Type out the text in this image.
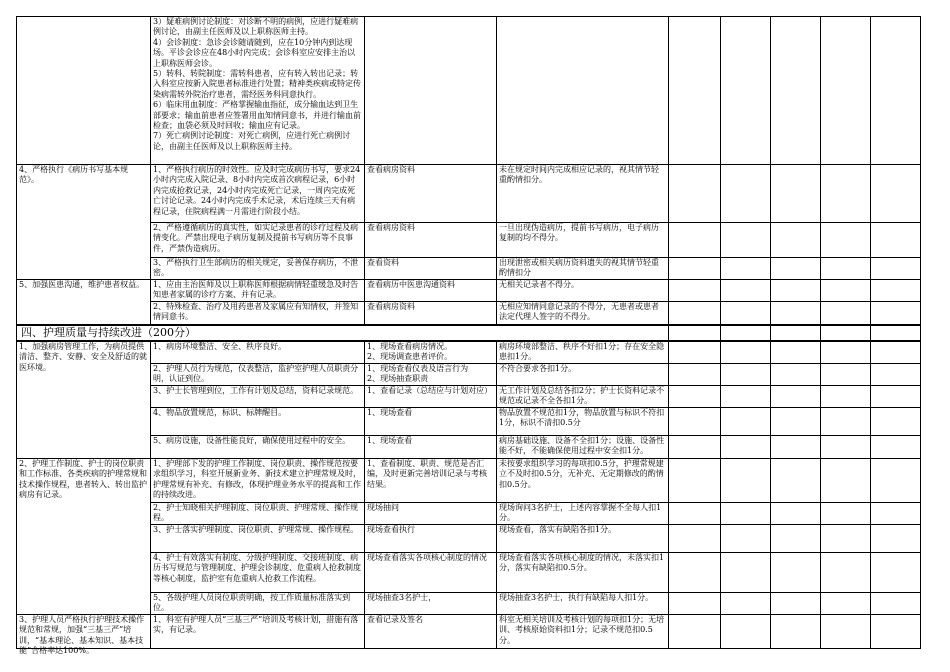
	3）疑难病例讨论制度：对诊断不明的病例，应进行疑难病例讨论，由副主任医师及以上职称医师主持。
4）会诊制度：急诊会诊随请随到，应在10分钟内到达现场。平诊会诊应在48小时内完成；会诊科室应安排主治以上职称医师会诊。
5）转科、转院制度：需转科患者，应有转入转出记录；转入科室应按新入院患者标准进行处置；精神类疾病或特定传染病需转外院治疗患者，需经医务科同意执行。
6）临床用血制度：严格掌握输血指征，成分输血达到卫生部要求；输血前患者应签署用血知情同意书，并进行输血前检查；血袋必须及时回收；输血应有记录。
7）死亡病例讨论制度：对死亡病例，应进行死亡病例讨论，由副主任医师及以上职称医师主持。							

4、严格执行《病历书写基本规范》。	1、严格执行病历的时效性。应及时完成病历书写，要求24小时内完成入院记录、8小时内完成首次病程记录，6小时内完成抢救记录，24小时内完成死亡记录，一周内完成死亡讨论记录。24小时内完成手术记录，术后连续三天有病程记录，住院病程满一月需进行阶段小结。	查看病房资料	未在规定时间内完成相应记录的，视其情节轻重酌情扣分。					

	2、严格遵循病历的真实性，如实记录患者的诊疗过程及病情变化。严禁出现电子病历复制及提前书写病历等不良事件，严禁伪造病历。	查看病房资料	一旦出现伪造病历，提前书写病历，电子病历复制的均不得分。					

	3、严格执行卫生部病历的相关规定，妥善保存病历，不泄密。	查看资料	出现泄密或相关病历资料遗失的视其情节轻重酌情扣分					

5、加强医患沟通，维护患者权益。	1、应由主治医师及以上职称医师根据病情轻重缓急及时告知患者家属的诊疗方案、并有记录。	查看病历中医患沟通资料	无相关记录者不得分。					

	2、特殊检查、治疗及用药患者及家属应有知情权，并签知情同意书。	查看病房资料	无相应知情同意记录的不得分，无患者或患者法定代理人签字的不得分。					

四、护理质量与持续改进（200分）								

1、加强病房管理工作，为病员提供清洁、整齐、安静、安全及舒适的就医环境。	1、病房环境整洁、安全、秩序良好。	1、现场查看病房情况。
2、现场调查患者评价。	病房环境部整洁、秩序不好扣1分；存在安全隐患扣1分。					

	2、护理人员行为规范，仪表整洁，监护室护理人员职责分明，认证到位。	1、现场查看仪表及语言行为
2、现场抽查职责	不符合要求各扣1分。					

	3、护士长管理到位，工作有计划及总结，资料记录规范。	1、查看记录（总结应与计划对应）	无工作计划及总结各扣2分；护士长资料记录不规范或记录不全各扣1分。					

	4、物品放置规范，标识、标牌醒目。	1、现场查看	物品放置不规范扣1分，物品放置与标识不符扣1分，标识不清扣0.5分					

	5、病房设施，设备性能良好，确保使用过程中的安全。	1、现场查看	病房基础设施、设备不全扣1分；设施、设备性能不好，不能确保使用过程中安全扣1分。					

2、护理工作制度、护士的岗位职责和工作标准、各类疾病的护理常规和技术操作规程，患者转入、转出监护病房有记录。	1、护理部下发的护理工作制度、岗位职责、操作规范按要求组织学习，科室开展新业务、新技术建立护理常规及时，护理常规有补充、有修改，体现护理业务水平的提高和工作的持续改进。	1、查看制度、职责、规范是否汇编，及时更新完善培训记录与考核结果。	未按要求组织学习的每项扣0.5分，护理常规建立不及时扣0.5分，无补充、无定期修改的酌情扣0.5分。					

	2、护士知晓相关护理制度、岗位职责、护理常规、操作规程。	现场抽问	现场询问3名护士，上述内容掌握不全每人扣1分。					

	3、护士落实护理制度、岗位职责、护理常规、操作规程。	现场查看执行	现场查看，落实有缺陷各扣1分。					

	4、护士有效落实有制度、分级护理制度、交接班制度、病历书写规范与管理制度、护理会诊制度、危重病人抢救制度等核心制度，监护室有危重病人抢救工作流程。	现场查看落实各项核心制度的情况	现场查看落实各项核心制度的情况，未落实扣1分，落实有缺陷扣0.5分。					

	5、各级护理人员岗位职责明确，按工作质量标准落实到位。	现场抽查3名护士，	现场抽查3名护士，执行有缺陷每人扣1分。					

3、护理人员严格执行护理技术操作规范和常规，加强“三基三严”培训，“基本理论、基本知识、基本技能”合格率达100%。	1、科室有护理人员“三基三严”培训及考核计划，措施有落实，有记录。	查看记录及签名	科室无相关培训及考核计划的每项扣1分；无培训、考核原始资料扣1分；记录不规范扣0.5分。					
